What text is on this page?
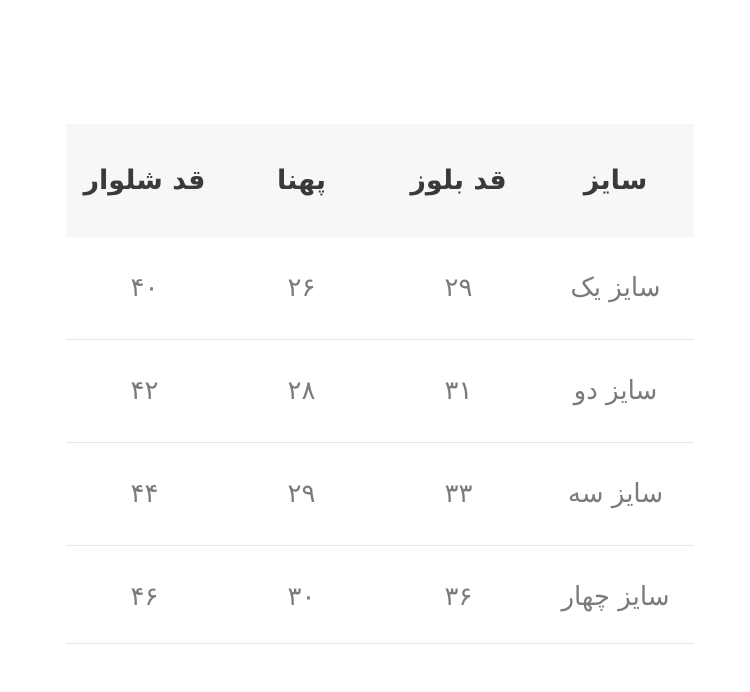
سایز	قد بلوز	پهنا	قد شلوار
سایز یک	۲۹	۲۶	۴۰
سایز دو	۳۱	۲۸	۴۲
سایز سه	۳۳	۲۹	۴۴
سایز چهار	۳۶	۳۰	۴۶
